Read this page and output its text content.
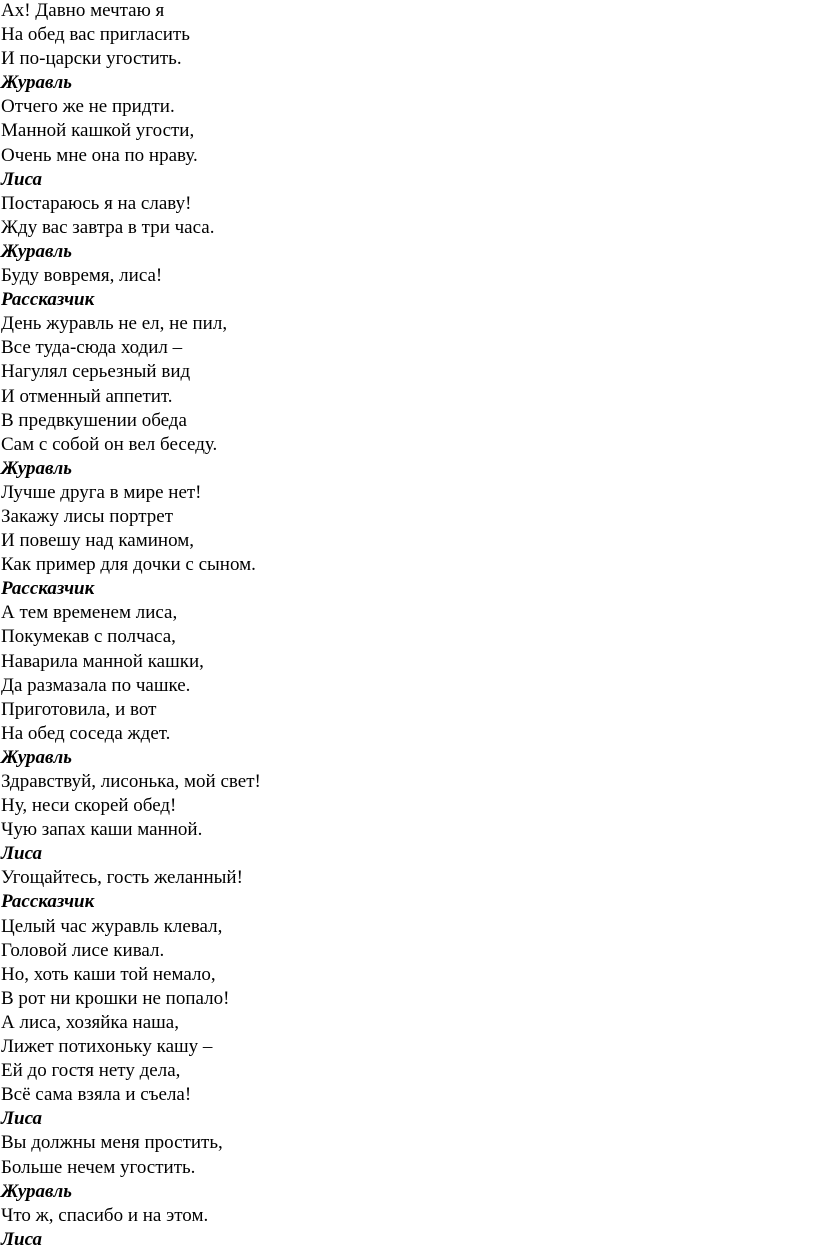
Ах! Давно мечтаю я
На обед вас пригласить
И по-царски угостить.
Журавль
Отчего же не придти.
Манной кашкой угости,
Очень мне она по нраву.
Лиса
Постараюсь я на славу!
Жду вас завтра в три часа.
Журавль
Буду вовремя, лиса!
Рассказчик
День журавль не ел, не пил,
Все туда-сюда ходил –
Нагулял серьезный вид
И отменный аппетит.
В предвкушении обеда
Сам с собой он вел беседу.
Журавль
Лучше друга в мире нет!
Закажу лисы портрет
И повешу над камином,
Как пример для дочки с сыном.
Рассказчик
А тем временем лиса,
Покумекав с полчаса,
Наварила манной кашки,
Да размазала по чашке.
Приготовила, и вот
На обед соседа ждет.
Журавль
Здравствуй, лисонька, мой свет!
Ну, неси скорей обед!
Чую запах каши манной.
Лиса
Угощайтесь, гость желанный!
Рассказчик
Целый час журавль клевал,
Головой лисе кивал.
Но, хоть каши той немало,
В рот ни крошки не попало!
А лиса, хозяйка наша,
Лижет потихоньку кашу –
Ей до гостя нету дела,
Всё сама взяла и съела!
Лиса
Вы должны меня простить,
Больше нечем угостить.
Журавль
Что ж, спасибо и на этом.
Лиса
